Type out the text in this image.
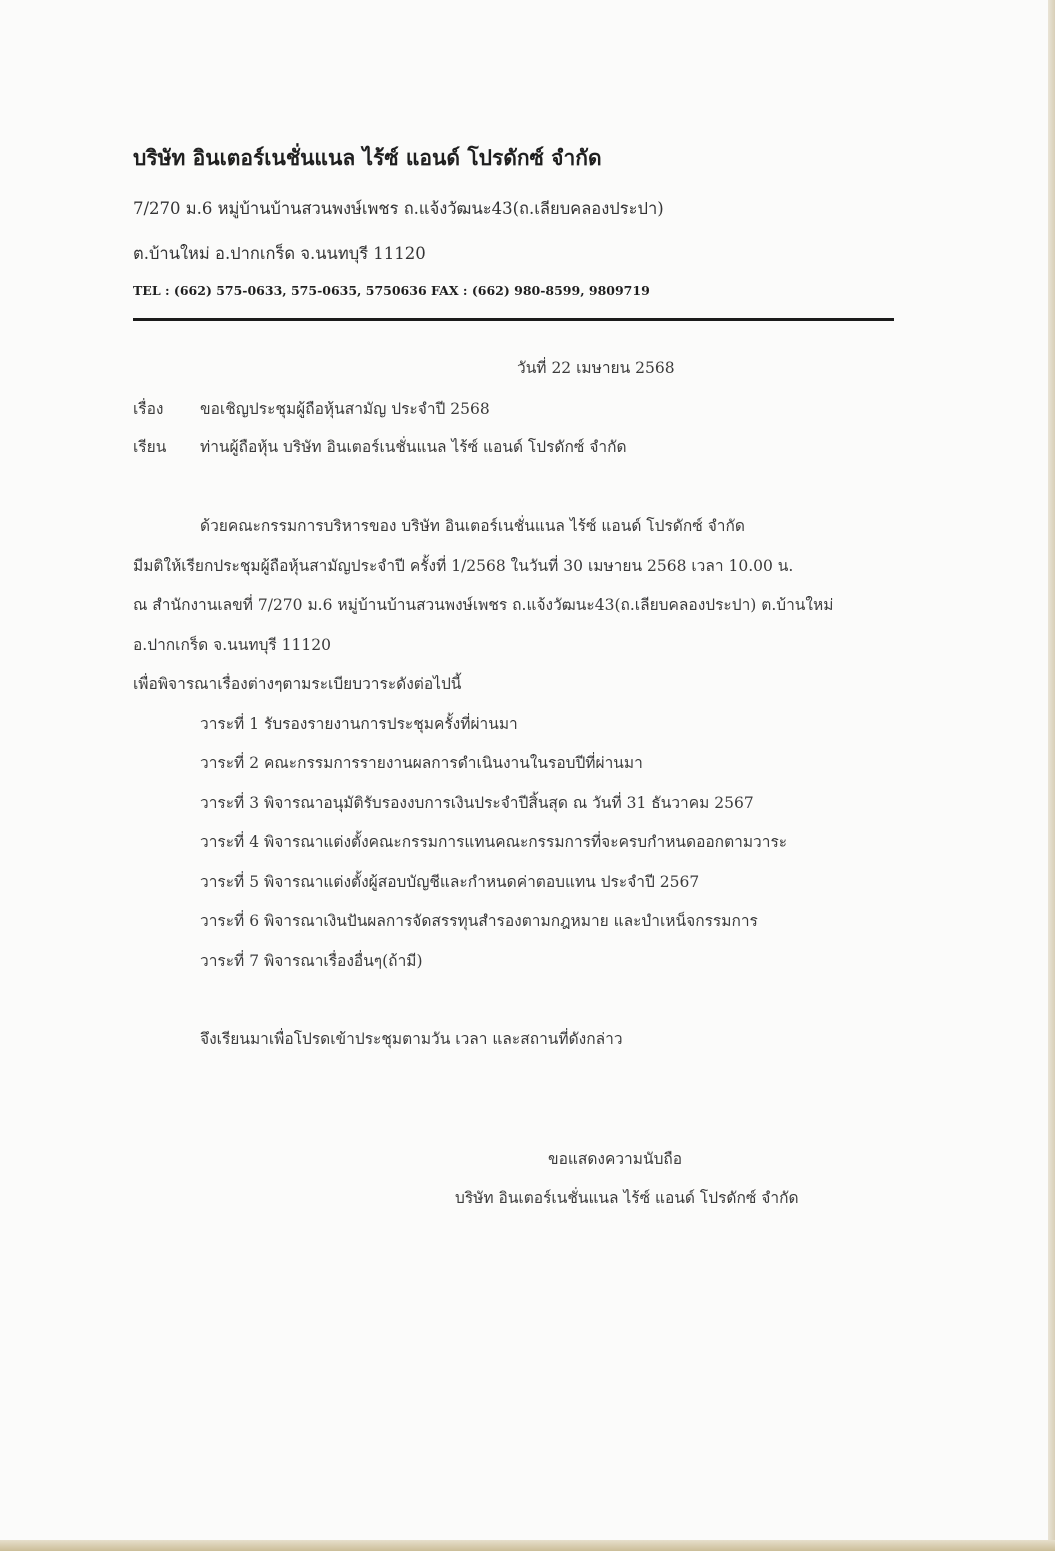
บริษัท อินเตอร์เนชั่นแนล ไร้ซ์ แอนด์ โปรดักซ์ จำกัด
7/270 ม.6 หมู่บ้านบ้านสวนพงษ์เพชร ถ.แจ้งวัฒนะ43(ถ.เลียบคลองประปา)
ต.บ้านใหม่ อ.ปากเกร็ด จ.นนทบุรี 11120
TEL : (662) 575-0633, 575-0635, 5750636 FAX : (662) 980-8599, 9809719
วันที่ 22 เมษายน 2568
เรื่อง ขอเชิญประชุมผู้ถือหุ้นสามัญ ประจำปี 2568
เรียน ท่านผู้ถือหุ้น บริษัท อินเตอร์เนชั่นแนล ไร้ซ์ แอนด์ โปรดักซ์ จำกัด
ด้วยคณะกรรมการบริหารของ บริษัท อินเตอร์เนชั่นแนล ไร้ซ์ แอนด์ โปรดักซ์ จำกัด
มีมติให้เรียกประชุมผู้ถือหุ้นสามัญประจำปี ครั้งที่ 1/2568 ในวันที่ 30 เมษายน 2568 เวลา 10.00 น.
ณ สำนักงานเลขที่ 7/270 ม.6 หมู่บ้านบ้านสวนพงษ์เพชร ถ.แจ้งวัฒนะ43(ถ.เลียบคลองประปา) ต.บ้านใหม่
อ.ปากเกร็ด จ.นนทบุรี 11120
เพื่อพิจารณาเรื่องต่างๆตามระเบียบวาระดังต่อไปนี้
วาระที่ 1 รับรองรายงานการประชุมครั้งที่ผ่านมา
วาระที่ 2 คณะกรรมการรายงานผลการดำเนินงานในรอบปีที่ผ่านมา
วาระที่ 3 พิจารณาอนุมัติรับรองงบการเงินประจำปีสิ้นสุด ณ วันที่ 31 ธันวาคม 2567
วาระที่ 4 พิจารณาแต่งตั้งคณะกรรมการแทนคณะกรรมการที่จะครบกำหนดออกตามวาระ
วาระที่ 5 พิจารณาแต่งตั้งผู้สอบบัญชีและกำหนดค่าตอบแทน ประจำปี 2567
วาระที่ 6 พิจารณาเงินปันผลการจัดสรรทุนสำรองตามกฎหมาย และบำเหน็จกรรมการ
วาระที่ 7 พิจารณาเรื่องอื่นๆ(ถ้ามี)
จึงเรียนมาเพื่อโปรดเข้าประชุมตามวัน เวลา และสถานที่ดังกล่าว
ขอแสดงความนับถือ
บริษัท อินเตอร์เนชั่นแนล ไร้ซ์ แอนด์ โปรดักซ์ จำกัด
